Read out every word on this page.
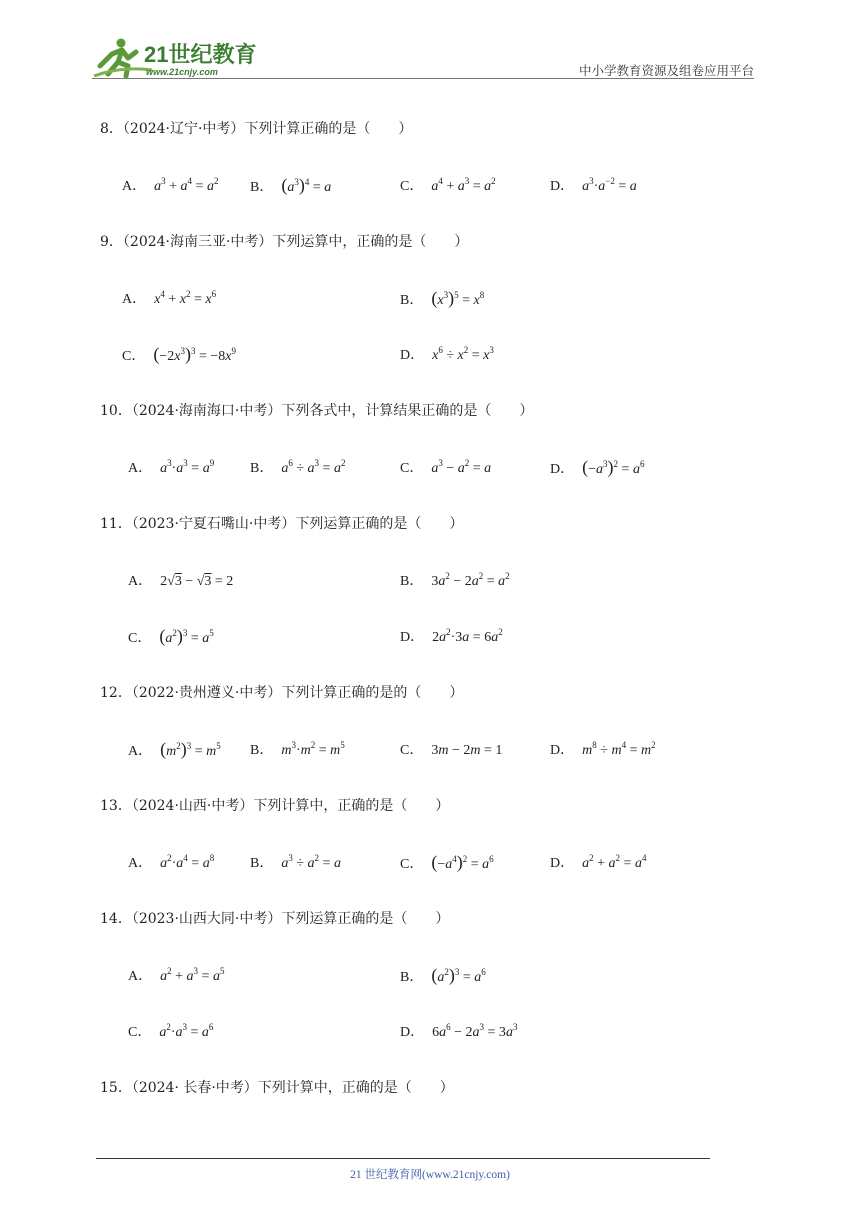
21世纪教育
www.21cnjy.com	中小学教育资源及组卷应用平台
8．（2024·辽宁·中考）下列计算正确的是（　　）
A． $a^3 + a^4 = a^2$ B． $(a^3)^4 = a$	C． $a^4 + a^3 = a^2$	D． $a^3\cdot a^{-2} = a$
9．（2024·海南三亚·中考）下列运算中，正确的是（　　）
A． $x^4 + x^2 = x^6$	B． $(x^3)^5 = x^8$
C． $(-2x^3)^3 = -8x^9$	D． $x^6 \div x^2 = x^3$
10．（2024·海南海口·中考）下列各式中，计算结果正确的是（　　）
A． $a^3\cdot a^3 = a^9$	B． $a^6 \div a^3 = a^2$	C． $a^3 - a^2 = a$	D． $(-a^3)^2 = a^6$
11．（2023·宁夏石嘴山·中考）下列运算正确的是（　　）
A． 2√3 − √3 = 2	B． $3a^2 - 2a^2 = a^2$
C． $(a^2)^3 = a^5$	D． $2a^2\cdot 3a = 6a^2$
12．（2022·贵州遵义·中考）下列计算正确的是的（　　）
A． $(m^2)^3 = m^5$ B． $m^3\cdot m^2 = m^5$	C． 3m − 2m = 1	D． $m^8 \div m^4 = m^2$
13．（2024·山西·中考）下列计算中，正确的是（　　）
A． $a^2\cdot a^4 = a^8$	B． $a^3 \div a^2 = a$	C． $(-a^4)^2 = a^6$	D． $a^2 + a^2 = a^4$
14．（2023·山西大同·中考）下列运算正确的是（　　）
A． $a^2 + a^3 = a^5$	B． $(a^2)^3 = a^6$
C． $a^2\cdot a^3 = a^6$	D． $6a^6 - 2a^3 = 3a^3$
15．（2024· 长春·中考）下列计算中，正确的是（　　）
21 世纪教育网(www.21cnjy.com)
